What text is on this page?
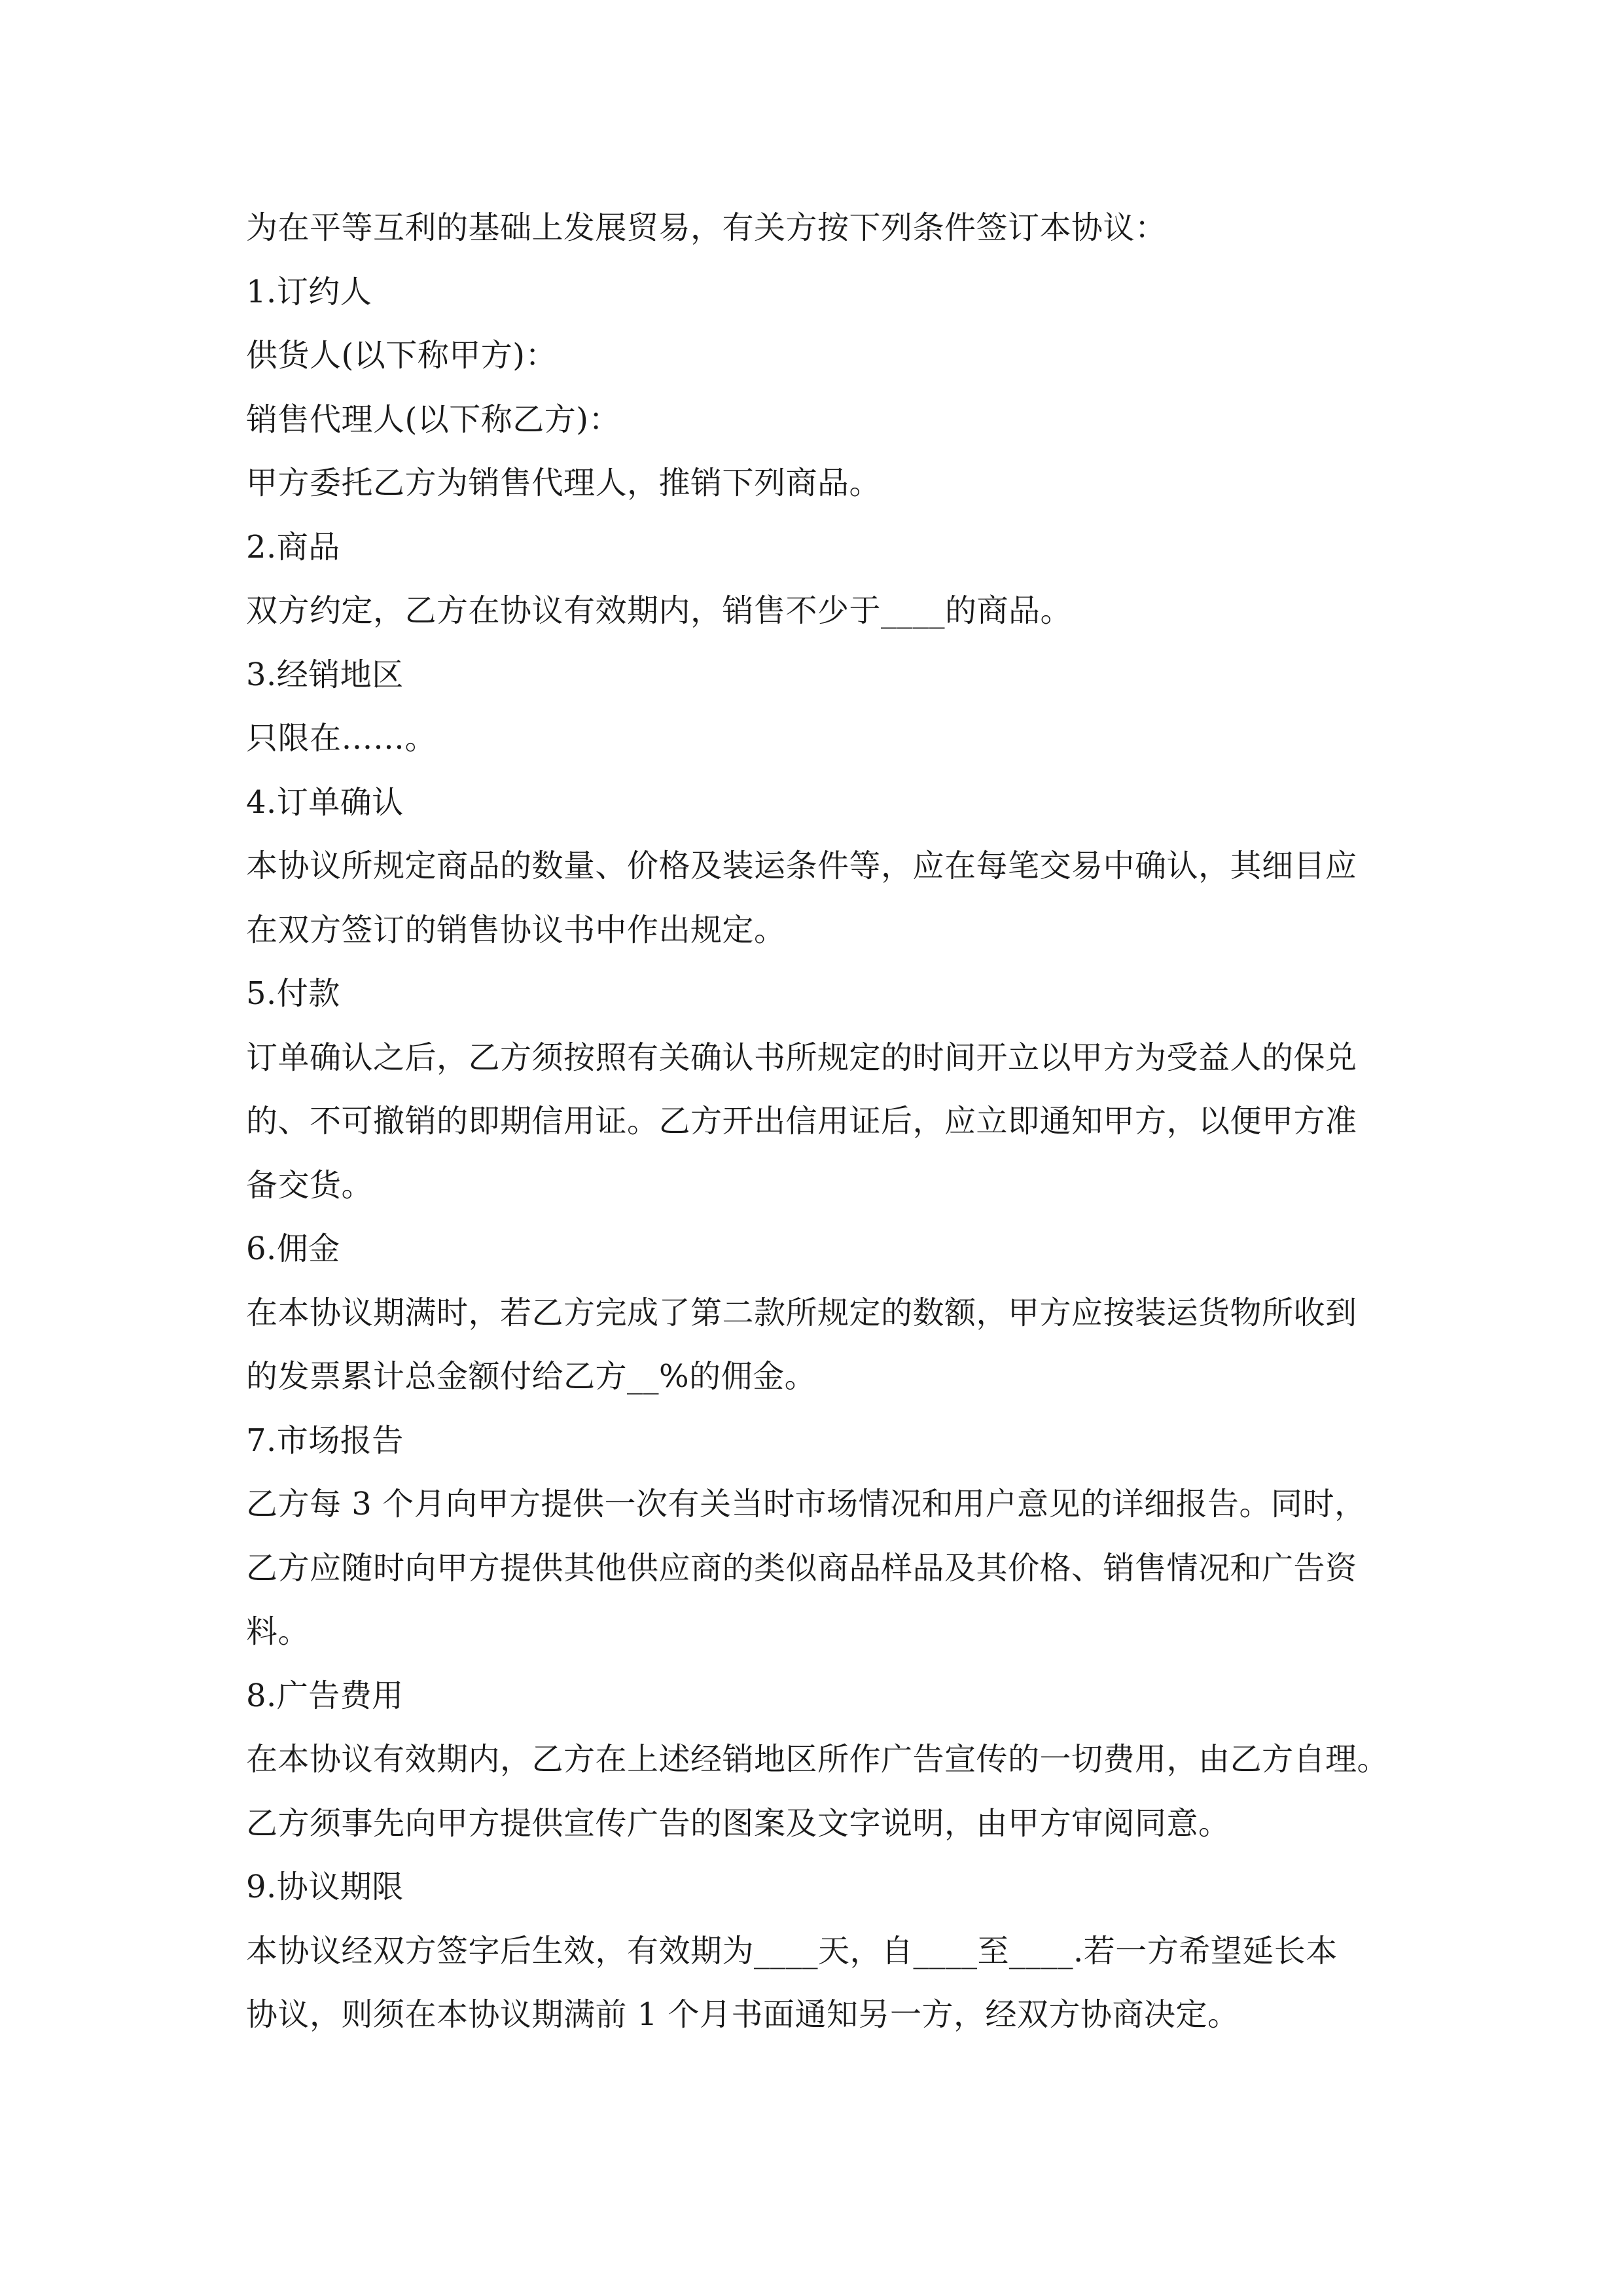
为在平等互利的基础上发展贸易，有关方按下列条件签订本协议：
1.订约人
供货人(以下称甲方)：
销售代理人(以下称乙方)：
甲方委托乙方为销售代理人，推销下列商品。
2.商品
双方约定，乙方在协议有效期内，销售不少于____的商品。
3.经销地区
只限在……。
4.订单确认
本协议所规定商品的数量、价格及装运条件等，应在每笔交易中确认，其细目应
在双方签订的销售协议书中作出规定。
5.付款
订单确认之后，乙方须按照有关确认书所规定的时间开立以甲方为受益人的保兑
的、不可撤销的即期信用证。乙方开出信用证后，应立即通知甲方，以便甲方准
备交货。
6.佣金
在本协议期满时，若乙方完成了第二款所规定的数额，甲方应按装运货物所收到
的发票累计总金额付给乙方__%的佣金。
7.市场报告
乙方每 3 个月向甲方提供一次有关当时市场情况和用户意见的详细报告。同时，
乙方应随时向甲方提供其他供应商的类似商品样品及其价格、销售情况和广告资
料。
8.广告费用
在本协议有效期内，乙方在上述经销地区所作广告宣传的一切费用，由乙方自理。
乙方须事先向甲方提供宣传广告的图案及文字说明，由甲方审阅同意。
9.协议期限
本协议经双方签字后生效，有效期为____天，自____至____.若一方希望延长本
协议，则须在本协议期满前 1 个月书面通知另一方，经双方协商决定。
